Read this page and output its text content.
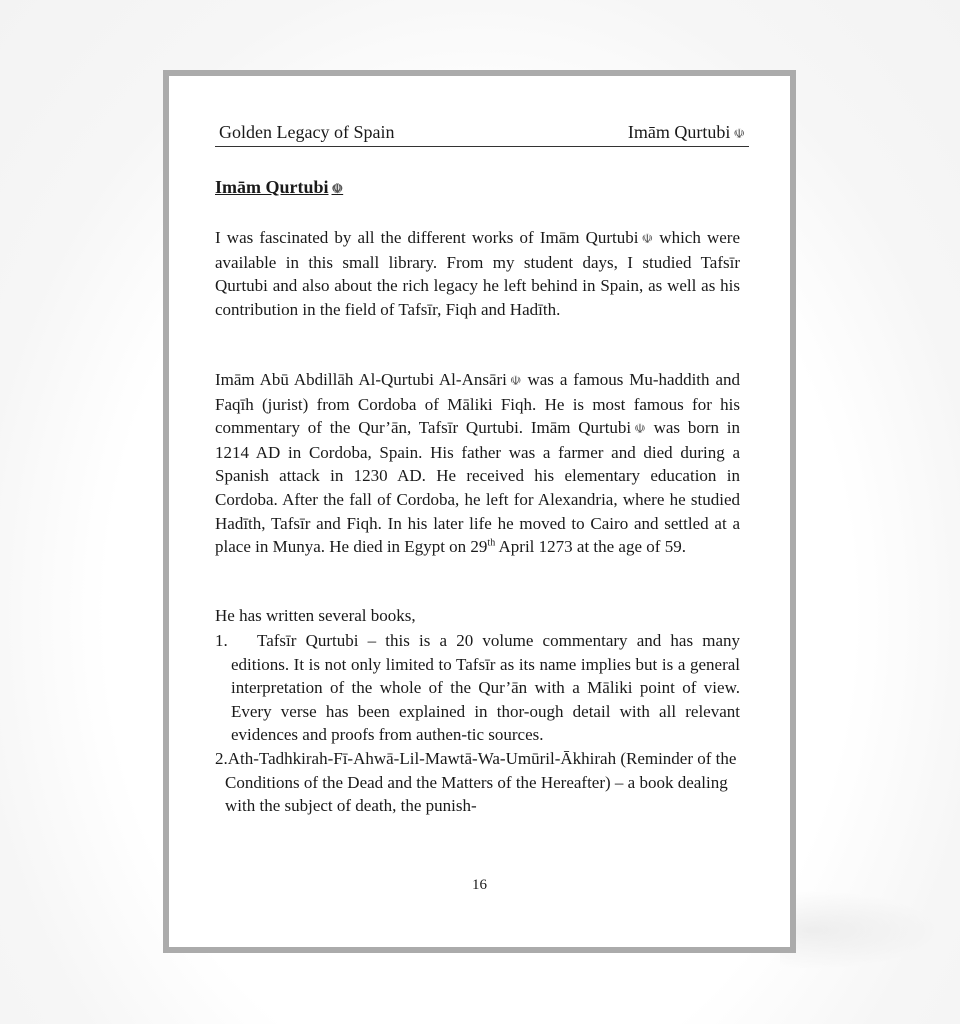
Golden Legacy of Spain	Imām Qurtubi ☫
Imām Qurtubi ☫

I was fascinated by all the different works of Imām Qurtubi ☫ which were available in this small library. From my student days, I studied Tafsīr Qurtubi and also about the rich legacy he left behind in Spain, as well as his contribution in the field of Tafsīr, Fiqh and Hadīth.

Imām Abū Abdillāh Al-Qurtubi Al-Ansāri ☫ was a famous Mu-haddith and Faqīh (jurist) from Cordoba of Māliki Fiqh. He is most famous for his commentary of the Qur’ān, Tafsīr Qurtubi. Imām Qurtubi ☫ was born in 1214 AD in Cordoba, Spain. His father was a farmer and died during a Spanish attack in 1230 AD. He received his elementary education in Cordoba. After the fall of Cordoba, he left for Alexandria, where he studied Hadīth, Tafsīr and Fiqh. In his later life he moved to Cairo and settled at a place in Munya. He died in Egypt on 29th April 1273 at the age of 59.

He has written several books,

1. Tafsīr Qurtubi – this is a 20 volume commentary and has many editions. It is not only limited to Tafsīr as its name implies but is a general interpretation of the whole of the Qur’ān with a Māliki point of view. Every verse has been explained in thor-ough detail with all relevant evidences and proofs from authen-tic sources.
2.Ath-Tadhkirah-Fī-Ahwā-Lil-Mawtā-Wa-Umūril-Ākhirah (Reminder of the Conditions of the Dead and the Matters of the Hereafter) – a book dealing with the subject of death, the punish-
16
